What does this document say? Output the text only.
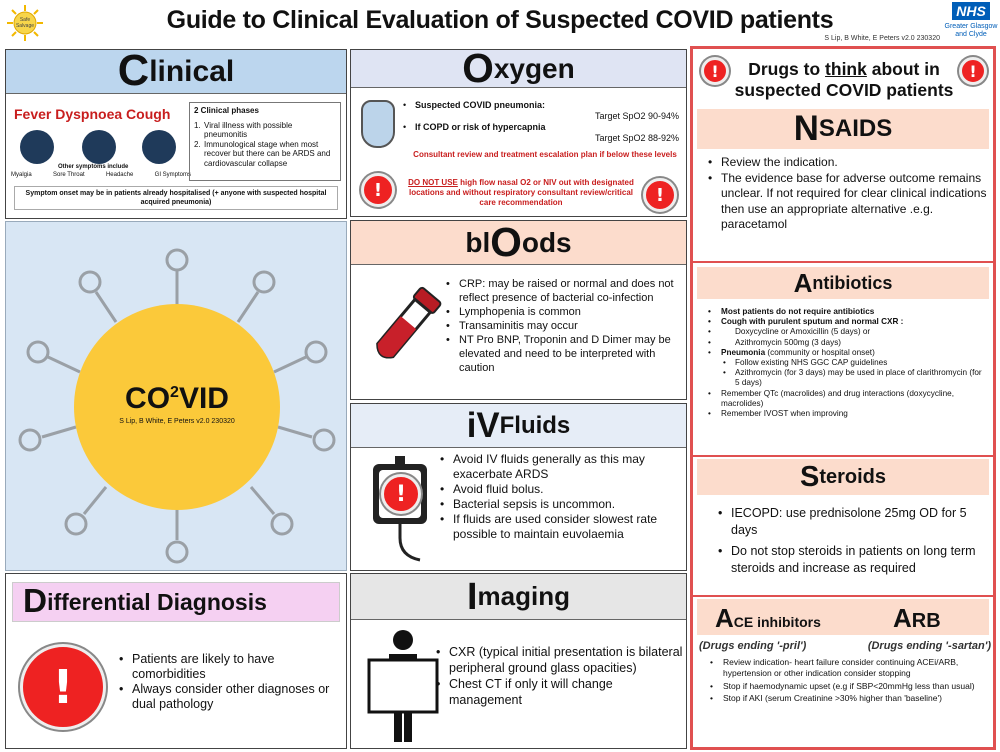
Safe Salvage	Guide to Clinical Evaluation of Suspected COVID patients
S Lip, B White, E Peters v2.0 230320
NHS
Greater Glasgow
and Clyde
C linical
Fever Dyspnoea Cough
Other symptoms include
Myalgia	Sore Throat	Headache	GI Symptoms
2 Clinical phases
1. Viral illness with possible pneumonitis
2. Immunological stage when most recover but there can be ARDS and cardiovascular collapse
Symptom onset may be in patients already hospitalised (+ anyone with suspected hospital acquired pneumonia)
$CO^2VID$
S Lip, B White, E Peters v2.0 230320
D ifferential Diagnosis
!
• Patients are likely to have comorbidities
• Always consider other diagnoses or dual pathology
O xygen
• Suspected COVID pneumonia:
Target SpO2 90-94%
• If COPD or risk of hypercapnia
Target SpO2 88-92%
Consultant review and treatment escalation plan if below these levels
!	!
DO NOT USE high flow nasal O2 or NIV out with designated locations and without respiratory consultant review/critical care recommendation
bl O ods
• CRP: may be raised or normal and does not reflect presence of bacterial co-infection
• Lymphopenia is common
• Transaminitis may occur
• NT Pro BNP, Troponin and D Dimer may be elevated and need to be interpreted with caution
iV Fluids
!
• Avoid IV fluids generally as this may exacerbate ARDS
• Avoid fluid bolus.
• Bacterial sepsis is uncommon.
• If fluids are used consider slowest rate possible to maintain euvolaemia
I maging
• CXR (typical initial presentation is bilateral peripheral ground glass opacities)
• Chest CT if only it will change management
!	!
Drugs to think about in
suspected COVID patients
N SAIDS
• Review the indication.
• The evidence base for adverse outcome remains unclear. If not required for clear clinical indications then use an appropriate alternative .e.g. paracetamol
A ntibiotics
• Most patients do not require antibiotics
• Cough with purulent sputum and normal CXR :
• Doxycycline or Amoxicillin (5 days) or
• Azithromycin 500mg (3 days)
• Pneumonia (community or hospital onset)
• Follow existing NHS GGC CAP guidelines
• Azithromycin (for 3 days) may be used in place of clarithromycin (for 5 days)
• Remember QTc (macrolides) and drug interactions (doxycycline, macrolides)
• Remember IVOST when improving
S teroids
• IECOPD: use prednisolone 25mg OD for 5 days
• Do not stop steroids in patients on long term steroids and increase as required
ACE inhibitors	ARB
(Drugs ending '-pril')	(Drugs ending '-sartan')
• Review indication- heart failure consider continuing ACEi/ARB, hypertension or other indication consider stopping
• Stop if haemodynamic upset (e.g if SBP<20mmHg less than usual)
• Stop if AKI (serum Creatinine >30% higher than 'baseline')
